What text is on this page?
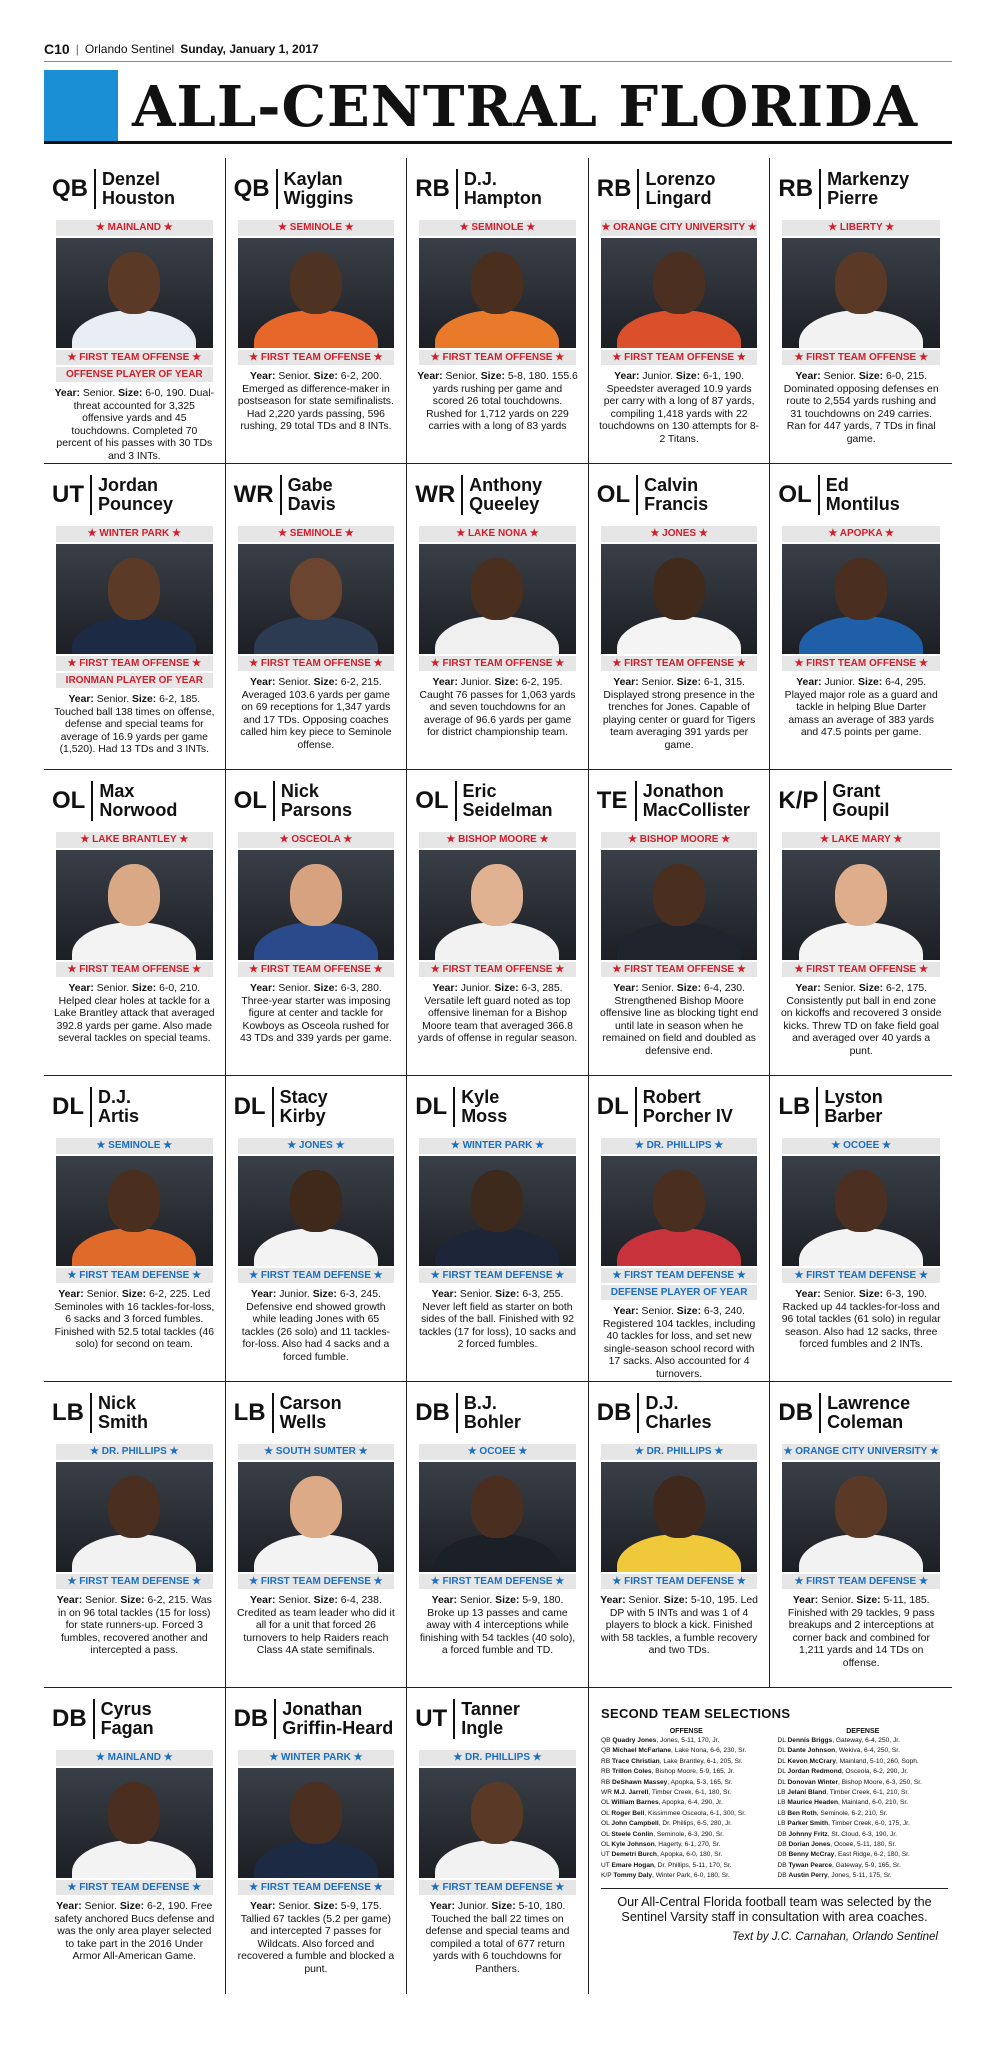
C10 | Orlando Sentinel Sunday, January 1, 2017
ALL-CENTRAL FLORIDA
QB Denzel
Houston
★ MAINLAND ★
★ FIRST TEAM OFFENSE ★
OFFENSE PLAYER OF YEAR
Year: Senior. Size: 6-0, 190. Dual-threat accounted for 3,325 offensive yards and 45 touchdowns. Completed 70 percent of his passes with 30 TDs and 3 INTs.
QB Kaylan
Wiggins
★ SEMINOLE ★
★ FIRST TEAM OFFENSE ★
Year: Senior. Size: 6-2, 200. Emerged as difference-maker in postseason for state semifinalists. Had 2,220 yards passing, 596 rushing, 29 total TDs and 8 INTs.
RB D.J.
Hampton
★ SEMINOLE ★
★ FIRST TEAM OFFENSE ★
Year: Senior. Size: 5-8, 180. 155.6 yards rushing per game and scored 26 total touchdowns. Rushed for 1,712 yards on 229 carries with a long of 83 yards
RB Lorenzo
Lingard
★ ORANGE CITY UNIVERSITY ★
★ FIRST TEAM OFFENSE ★
Year: Junior. Size: 6-1, 190. Speedster averaged 10.9 yards per carry with a long of 87 yards, compiling 1,418 yards with 22 touchdowns on 130 attempts for 8-2 Titans.
RB Markenzy
Pierre
★ LIBERTY ★
★ FIRST TEAM OFFENSE ★
Year: Senior. Size: 6-0, 215. Dominated opposing defenses en route to 2,554 yards rushing and 31 touchdowns on 249 carries. Ran for 447 yards, 7 TDs in final game.
UT Jordan
Pouncey
★ WINTER PARK ★
★ FIRST TEAM OFFENSE ★
IRONMAN PLAYER OF YEAR
Year: Senior. Size: 6-2, 185. Touched ball 138 times on offense, defense and special teams for average of 16.9 yards per game (1,520). Had 13 TDs and 3 INTs.
WR Gabe
Davis
★ SEMINOLE ★
★ FIRST TEAM OFFENSE ★
Year: Senior. Size: 6-2, 215. Averaged 103.6 yards per game on 69 receptions for 1,347 yards and 17 TDs. Opposing coaches called him key piece to Seminole offense.
WR Anthony
Queeley
★ LAKE NONA ★
★ FIRST TEAM OFFENSE ★
Year: Junior. Size: 6-2, 195. Caught 76 passes for 1,063 yards and seven touchdowns for an average of 96.6 yards per game for district championship team.
OL Calvin
Francis
★ JONES ★
★ FIRST TEAM OFFENSE ★
Year: Senior. Size: 6-1, 315. Displayed strong presence in the trenches for Jones. Capable of playing center or guard for Tigers team averaging 391 yards per game.
OL Ed
Montilus
★ APOPKA ★
★ FIRST TEAM OFFENSE ★
Year: Junior. Size: 6-4, 295. Played major role as a guard and tackle in helping Blue Darter amass an average of 383 yards and 47.5 points per game.
OL Max
Norwood
★ LAKE BRANTLEY ★
★ FIRST TEAM OFFENSE ★
Year: Senior. Size: 6-0, 210. Helped clear holes at tackle for a Lake Brantley attack that averaged 392.8 yards per game. Also made several tackles on special teams.
OL Nick
Parsons
★ OSCEOLA ★
★ FIRST TEAM OFFENSE ★
Year: Senior. Size: 6-3, 280. Three-year starter was imposing figure at center and tackle for Kowboys as Osceola rushed for 43 TDs and 339 yards per game.
OL Eric
Seidelman
★ BISHOP MOORE ★
★ FIRST TEAM OFFENSE ★
Year: Junior. Size: 6-3, 285. Versatile left guard noted as top offensive lineman for a Bishop Moore team that averaged 366.8 yards of offense in regular season.
TE Jonathon
MacCollister
★ BISHOP MOORE ★
★ FIRST TEAM OFFENSE ★
Year: Senior. Size: 6-4, 230. Strengthened Bishop Moore offensive line as blocking tight end until late in season when he remained on field and doubled as defensive end.
K/P Grant
Goupil
★ LAKE MARY ★
★ FIRST TEAM OFFENSE ★
Year: Senior. Size: 6-2, 175. Consistently put ball in end zone on kickoffs and recovered 3 onside kicks. Threw TD on fake field goal and averaged over 40 yards a punt.
DL D.J.
Artis
★ SEMINOLE ★
★ FIRST TEAM DEFENSE ★
Year: Senior. Size: 6-2, 225. Led Seminoles with 16 tackles-for-loss, 6 sacks and 3 forced fumbles. Finished with 52.5 total tackles (46 solo) for second on team.
DL Stacy
Kirby
★ JONES ★
★ FIRST TEAM DEFENSE ★
Year: Junior. Size: 6-3, 245. Defensive end showed growth while leading Jones with 65 tackles (26 solo) and 11 tackles-for-loss. Also had 4 sacks and a forced fumble.
DL Kyle
Moss
★ WINTER PARK ★
★ FIRST TEAM DEFENSE ★
Year: Senior. Size: 6-3, 255. Never left field as starter on both sides of the ball. Finished with 92 tackles (17 for loss), 10 sacks and 2 forced fumbles.
DL Robert
Porcher IV
★ DR. PHILLIPS ★
★ FIRST TEAM DEFENSE ★
DEFENSE PLAYER OF YEAR
Year: Senior. Size: 6-3, 240. Registered 104 tackles, including 40 tackles for loss, and set new single-season school record with 17 sacks. Also accounted for 4 turnovers.
LB Lyston
Barber
★ OCOEE ★
★ FIRST TEAM DEFENSE ★
Year: Senior. Size: 6-3, 190. Racked up 44 tackles-for-loss and 96 total tackles (61 solo) in regular season. Also had 12 sacks, three forced fumbles and 2 INTs.
LB Nick
Smith
★ DR. PHILLIPS ★
★ FIRST TEAM DEFENSE ★
Year: Senior. Size: 6-2, 215. Was in on 96 total tackles (15 for loss) for state runners-up. Forced 3 fumbles, recovered another and intercepted a pass.
LB Carson
Wells
★ SOUTH SUMTER ★
★ FIRST TEAM DEFENSE ★
Year: Senior. Size: 6-4, 238. Credited as team leader who did it all for a unit that forced 26 turnovers to help Raiders reach Class 4A state semifinals.
DB B.J.
Bohler
★ OCOEE ★
★ FIRST TEAM DEFENSE ★
Year: Senior. Size: 5-9, 180. Broke up 13 passes and came away with 4 interceptions while finishing with 54 tackles (40 solo), a forced fumble and TD.
DB D.J.
Charles
★ DR. PHILLIPS ★
★ FIRST TEAM DEFENSE ★
Year: Senior. Size: 5-10, 195. Led DP with 5 INTs and was 1 of 4 players to block a kick. Finished with 58 tackles, a fumble recovery and two TDs.
DB Lawrence
Coleman
★ ORANGE CITY UNIVERSITY ★
★ FIRST TEAM DEFENSE ★
Year: Senior. Size: 5-11, 185. Finished with 29 tackles, 9 pass breakups and 2 interceptions at corner back and combined for 1,211 yards and 14 TDs on offense.
DB Cyrus
Fagan
★ MAINLAND ★
★ FIRST TEAM DEFENSE ★
Year: Senior. Size: 6-2, 190. Free safety anchored Bucs defense and was the only area player selected to take part in the 2016 Under Armor All-American Game.
DB Jonathan
Griffin-Heard
★ WINTER PARK ★
★ FIRST TEAM DEFENSE ★
Year: Senior. Size: 5-9, 175. Tallied 67 tackles (5.2 per game) and intercepted 7 passes for Wildcats. Also forced and recovered a fumble and blocked a punt.
UT Tanner
Ingle
★ DR. PHILLIPS ★
★ FIRST TEAM DEFENSE ★
Year: Junior. Size: 5-10, 180. Touched the ball 22 times on defense and special teams and compiled a total of 677 return yards with 6 touchdowns for Panthers.
SECOND TEAM SELECTIONS
OFFENSE
QB Quadry Jones, Jones, 5-11, 170, Jr.
QB Michael McFarlane, Lake Nona, 6-6, 230, Sr.
RB Trace Christian, Lake Brantley, 6-1, 205, Sr.
RB Trillon Coles, Bishop Moore, 5-9, 165, Jr.
RB DeShawn Massey, Apopka, 5-3, 165, Sr.
WR M.J. Jarrell, Timber Creek, 6-1, 180, Sr.
OL William Barnes, Apopka, 6-4, 290, Jr.
OL Roger Bell, Kissimmee Osceola, 6-1, 300, Sr.
OL John Campbell, Dr. Phillips, 6-5, 280, Jr.
OL Steele Conlin, Seminole, 6-3, 290, Sr.
OL Kyle Johnson, Hagerty, 6-1, 270, Sr.
UT Demetri Burch, Apopka, 6-0, 180, Sr.
UT Emare Hogan, Dr. Phillips, 5-11, 170, Sr.
K/P Tommy Daly, Winter Park, 6-0, 180, Sr.
DEFENSE
DL Dennis Briggs, Gateway, 6-4, 250, Jr.
DL Dante Johnson, Wekiva, 6-4, 250, Sr.
DL Kevon McCrary, Mainland, 5-10, 260, Soph.
DL Jordan Redmond, Osceola, 6-2, 290, Jr.
DL Donovan Winter, Bishop Moore, 6-3, 250, Sr.
LB Jelani Bland, Timber Creek, 6-1, 210, Sr.
LB Maurice Headen, Mainland, 6-0, 210, Sr.
LB Ben Roth, Seminole, 6-2, 210, Sr.
LB Parker Smith, Timber Creek, 6-0, 175, Jr.
DB Johnny Fritz, St. Cloud, 6-3, 190, Jr.
DB Dorian Jones, Ocoee, 5-11, 180, Sr.
DB Benny McCray, East Ridge, 6-2, 180, Sr.
DB Tywan Pearce, Gateway, 5-9, 165, Sr.
DB Austin Perry, Jones, 5-11, 175, Sr.
Our All-Central Florida football team was selected by the Sentinel Varsity staff in consultation with area coaches.
Text by J.C. Carnahan, Orlando Sentinel
